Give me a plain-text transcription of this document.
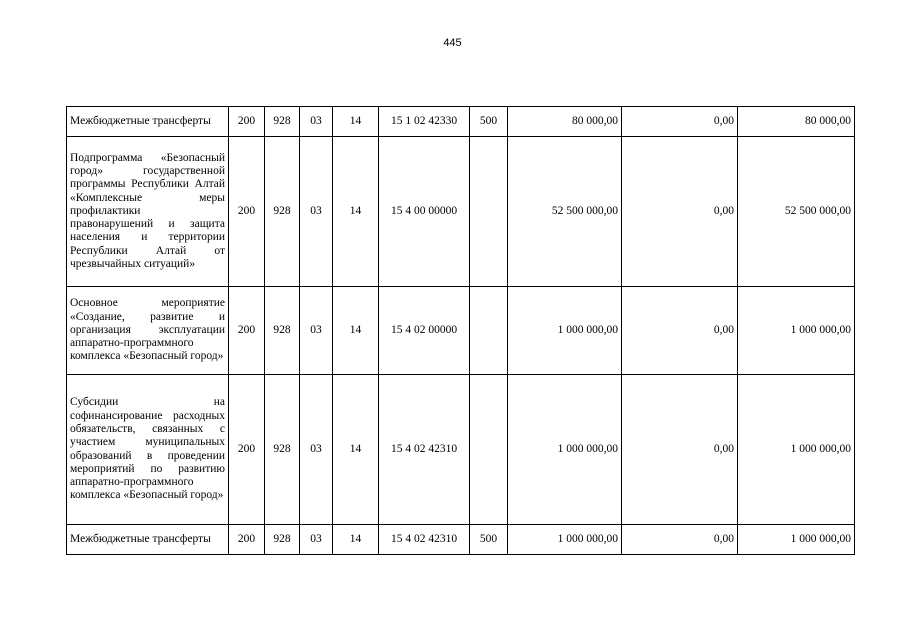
445
Межбюджетные трансферты	200	928	03	14	15 1 02 42330	500	80 000,00	0,00	80 000,00
Подпрограмма «Безопасный город» государственной программы Республики Алтай «Комплексные меры профилактики правонарушений и защита населения и территории Республики Алтай от чрезвычайных ситуаций»	200	928	03	14	15 4 00 00000		52 500 000,00	0,00	52 500 000,00
Основное мероприятие «Создание, развитие и организация эксплуатации аппаратно-программного комплекса «Безопасный город»	200	928	03	14	15 4 02 00000		1 000 000,00	0,00	1 000 000,00
Субсидии на софинансирование расходных обязательств, связанных с участием муниципальных образований в проведении мероприятий по развитию аппаратно-программного комплекса «Безопасный город»	200	928	03	14	15 4 02 42310		1 000 000,00	0,00	1 000 000,00
Межбюджетные трансферты	200	928	03	14	15 4 02 42310	500	1 000 000,00	0,00	1 000 000,00
